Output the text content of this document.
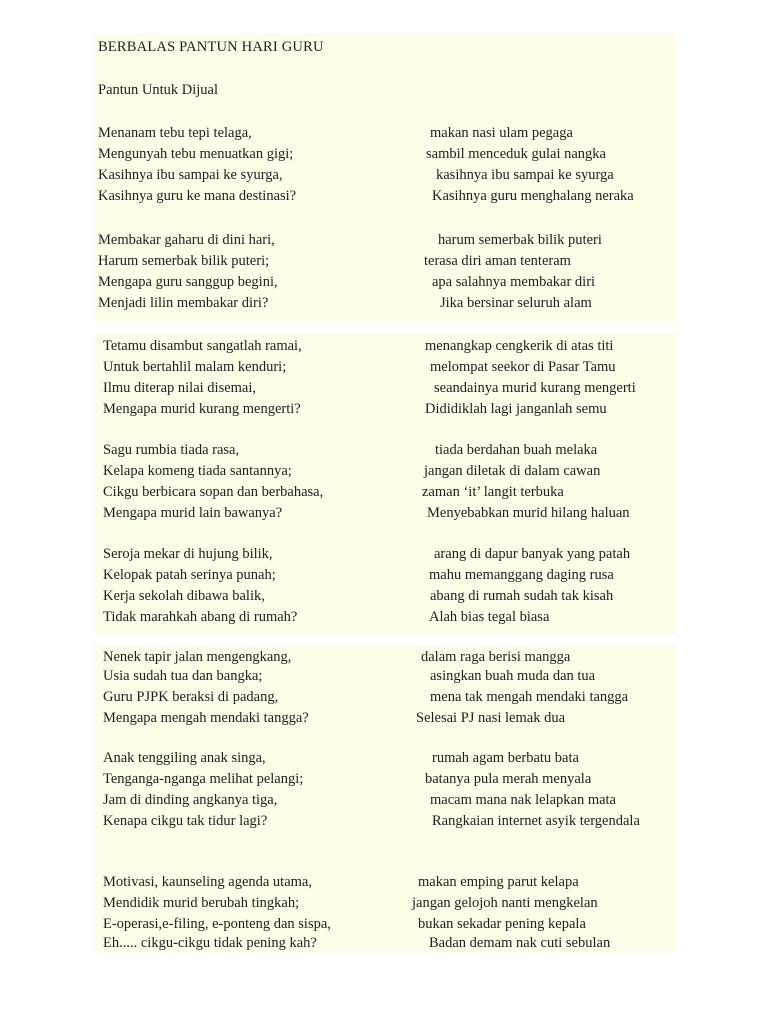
BERBALAS PANTUN HARI GURU
Pantun Untuk Dijual
Menanam tebu tepi telaga,
Mengunyah tebu menuatkan gigi;
Kasihnya ibu sampai ke syurga,
Kasihnya guru ke mana destinasi?
makan nasi ulam pegaga
sambil menceduk gulai nangka
kasihnya ibu sampai ke syurga
Kasihnya guru menghalang neraka
Membakar gaharu di dini hari,
Harum semerbak bilik puteri;
Mengapa guru sanggup begini,
Menjadi lilin membakar diri?
harum semerbak bilik puteri
terasa diri aman tenteram
apa salahnya membakar diri
Jika bersinar seluruh alam
Tetamu disambut sangatlah ramai,
Untuk bertahlil malam kenduri;
Ilmu diterap nilai disemai,
Mengapa murid kurang mengerti?
menangkap cengkerik di atas titi
melompat seekor di Pasar Tamu
seandainya murid kurang mengerti
Dididiklah lagi janganlah semu
Sagu rumbia tiada rasa,
Kelapa komeng tiada santannya;
Cikgu berbicara sopan dan berbahasa,
Mengapa murid lain bawanya?
tiada berdahan buah melaka
jangan diletak di dalam cawan
zaman ‘it’ langit terbuka
Menyebabkan murid hilang haluan
Seroja mekar di hujung bilik,
Kelopak patah serinya punah;
Kerja sekolah dibawa balik,
Tidak marahkah abang di rumah?
arang di dapur banyak yang patah
mahu memanggang daging rusa
abang di rumah sudah tak kisah
Alah bias tegal biasa
Nenek tapir jalan mengengkang,
Usia sudah tua dan bangka;
Guru PJPK beraksi di padang,
Mengapa mengah mendaki tangga?
dalam raga berisi mangga
asingkan buah muda dan tua
mena tak mengah mendaki tangga
Selesai PJ nasi lemak dua
Anak tenggiling anak singa,
Tenganga-nganga melihat pelangi;
Jam di dinding angkanya tiga,
Kenapa cikgu tak tidur lagi?
rumah agam berbatu bata
batanya pula merah menyala
macam mana nak lelapkan mata
Rangkaian internet asyik tergendala
Motivasi, kaunseling agenda utama,
Mendidik murid berubah tingkah;
E-operasi,e-filing, e-ponteng dan sispa,
Eh..... cikgu-cikgu tidak pening kah?
makan emping parut kelapa
jangan gelojoh nanti mengkelan
bukan sekadar pening kepala
Badan demam nak cuti sebulan
